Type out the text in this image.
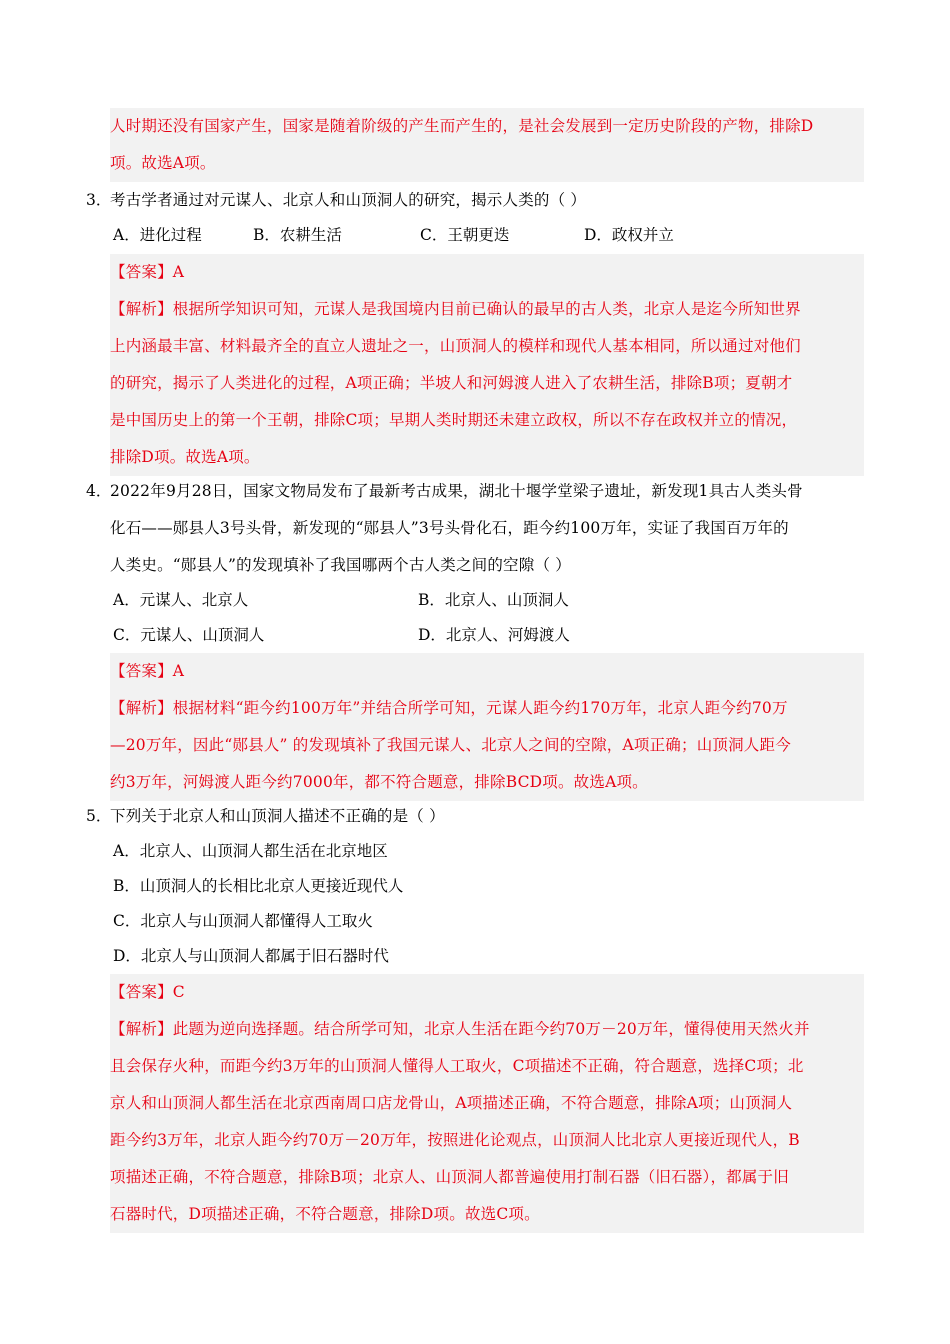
人时期还没有国家产生，国家是随着阶级的产生而产生的，是社会发展到一定历史阶段的产物，排除D
项。故选A项。
3．
考古学者通过对元谋人、北京人和山顶洞人的研究，揭示人类的（ ）
A．进化过程	B．农耕生活	C．王朝更迭	D．政权并立
【答案】A
【解析】根据所学知识可知，元谋人是我国境内目前已确认的最早的古人类，北京人是迄今所知世界
上内涵最丰富、材料最齐全的直立人遗址之一，山顶洞人的模样和现代人基本相同，所以通过对他们
的研究，揭示了人类进化的过程，A项正确；半坡人和河姆渡人进入了农耕生活，排除B项；夏朝才
是中国历史上的第一个王朝，排除C项；早期人类时期还未建立政权，所以不存在政权并立的情况，
排除D项。故选A项。
4．
2022年9月28日，国家文物局发布了最新考古成果，湖北十堰学堂梁子遗址，新发现1具古人类头骨
化石——郧县人3号头骨，新发现的“郧县人”3号头骨化石，距今约100万年，实证了我国百万年的
人类史。“郧县人”的发现填补了我国哪两个古人类之间的空隙（ ）
A．元谋人、北京人	B．北京人、山顶洞人
C．元谋人、山顶洞人	D．北京人、河姆渡人
【答案】A
【解析】根据材料“距今约100万年”并结合所学可知，元谋人距今约170万年，北京人距今约70万
—20万年，因此“郧县人” 的发现填补了我国元谋人、北京人之间的空隙，A项正确；山顶洞人距今
约3万年，河姆渡人距今约7000年，都不符合题意，排除BCD项。故选A项。
5．
下列关于北京人和山顶洞人描述不正确的是（ ）
A．北京人、山顶洞人都生活在北京地区
B．山顶洞人的长相比北京人更接近现代人
C．北京人与山顶洞人都懂得人工取火
D．北京人与山顶洞人都属于旧石器时代
【答案】C
【解析】此题为逆向选择题。结合所学可知，北京人生活在距今约70万－20万年，懂得使用天然火并
且会保存火种，而距今约3万年的山顶洞人懂得人工取火，C项描述不正确，符合题意，选择C项；北
京人和山顶洞人都生活在北京西南周口店龙骨山，A项描述正确，不符合题意，排除A项；山顶洞人
距今约3万年，北京人距今约70万－20万年，按照进化论观点，山顶洞人比北京人更接近现代人，B
项描述正确，不符合题意，排除B项；北京人、山顶洞人都普遍使用打制石器（旧石器），都属于旧
石器时代，D项描述正确，不符合题意，排除D项。故选C项。
